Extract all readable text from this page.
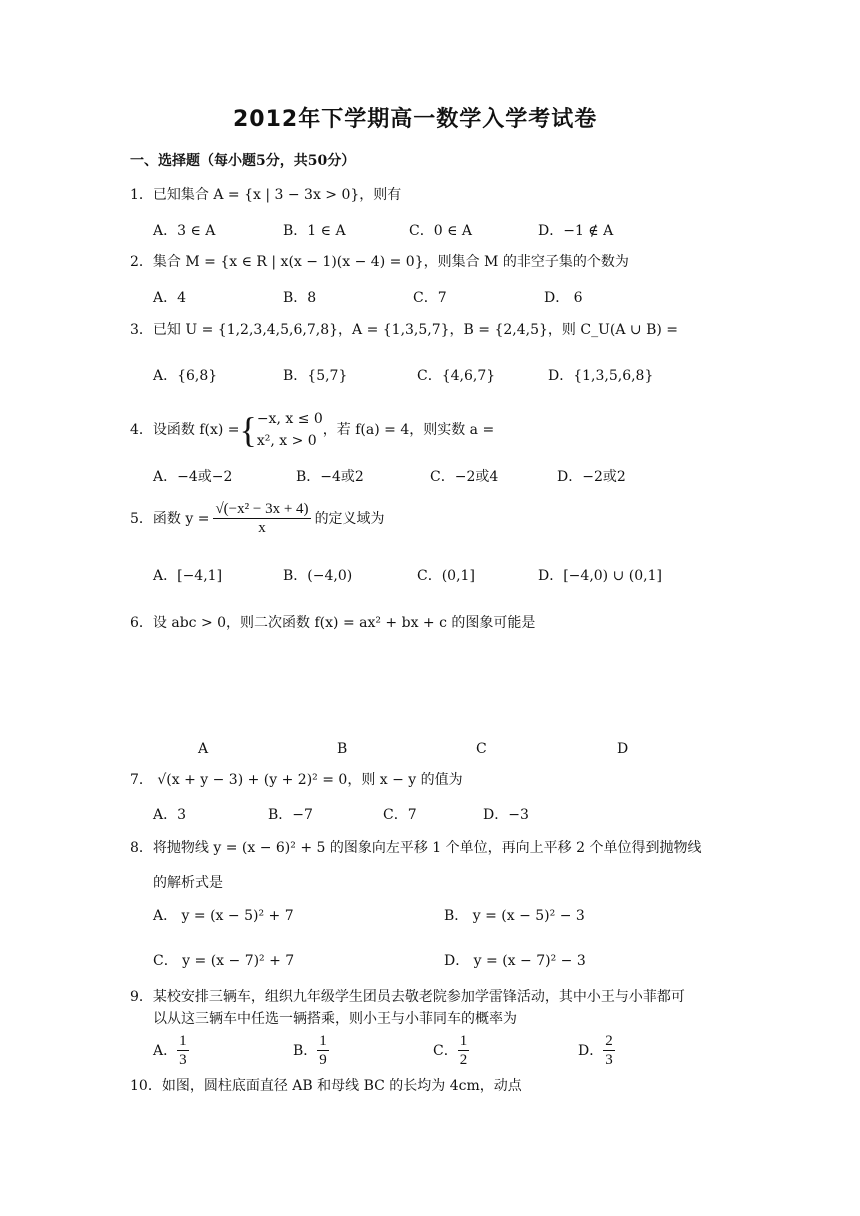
2012年下学期高一数学入学考试卷
一、选择题（每小题5分，共50分）
1．已知集合 A = {x | 3 − 3x > 0}，则有
A．3 ∈ A	B．1 ∈ A	C．0 ∈ A	D．−1 ∉ A
2．集合 M = {x ∈ R | x(x − 1)(x − 4) = 0}，则集合 M 的非空子集的个数为
A．4	B．8	C．7	D． 6
3．已知 U = {1,2,3,4,5,6,7,8}，A = {1,3,5,7}，B = {2,4,5}，则 C_U(A ∪ B) =
A．{6,8}	B．{5,7}	C．{4,6,7}	D．{1,3,5,6,8}
4．设函数 f(x) = { −x, x ≤ 0
x², x > 0
，若 f(a) = 4，则实数 a =
A．−4或−2	B．−4或2	C．−2或4	D．−2或2
5．函数 $y = \frac{\text{√(−x² − 3x + 4)}}{x}$ 的定义域为
A．[−4,1]	B．(−4,0)	C．(0,1]	D．[−4,0) ∪ (0,1]
6．设 abc > 0，则二次函数 f(x) = ax² + bx + c 的图象可能是
A	B	C	D
7． √(x + y − 3) + (y + 2)² = 0，则 x − y 的值为
A．3	B．−7	C．7	D．−3
8．将抛物线 y = (x − 6)² + 5 的图象向左平移 1 个单位，再向上平移 2 个单位得到抛物线
的解析式是
A． y = (x − 5)² + 7	B． y = (x − 5)² − 3
C． y = (x − 7)² + 7	D． y = (x − 7)² − 3
9．某校安排三辆车，组织九年级学生团员去敬老院参加学雷锋活动，其中小王与小菲都可
以从这三辆车中任选一辆搭乘，则小王与小菲同车的概率为
A． $\frac{1}{3}$	B． $\frac{1}{9}$	C． $\frac{1}{2}$	D． $\frac{2}{3}$
10．如图，圆柱底面直径 AB 和母线 BC 的长均为 4cm，动点
